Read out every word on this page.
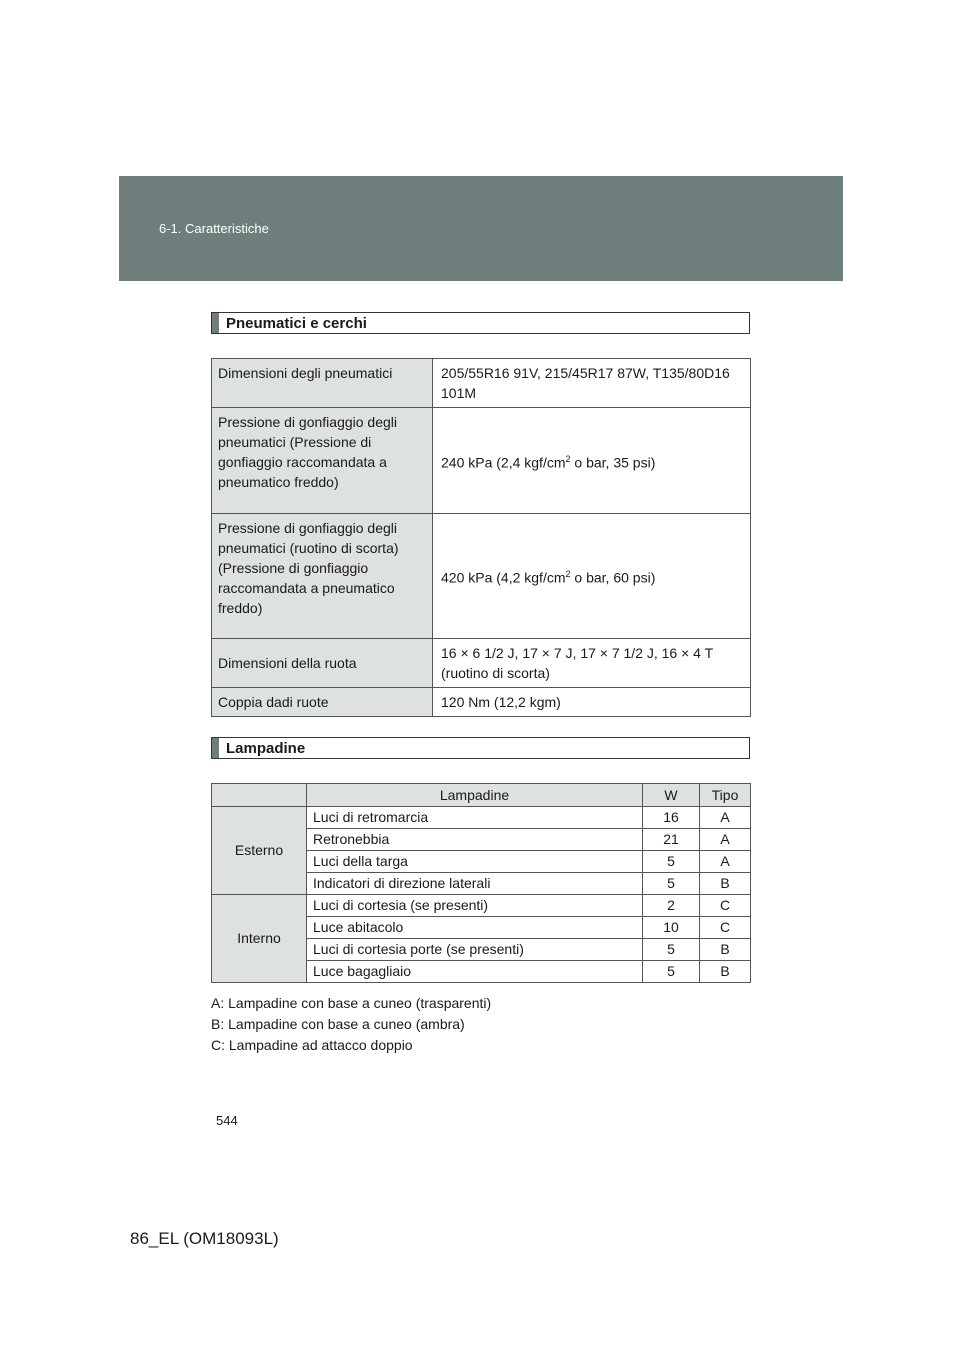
6-1. Caratteristiche
Pneumatici e cerchi
Dimensioni degli pneumatici	205/55R16 91V, 215/45R17 87W, T135/80D16 101M
Pressione di gonfiaggio degli pneumatici (Pressione di gonfiaggio raccomandata a pneumatico freddo)	240 kPa (2,4 kgf/$cm^2$ o bar, 35 psi)
Pressione di gonfiaggio degli pneumatici (ruotino di scorta) (Pressione di gonfiaggio raccomandata a pneumatico freddo)	420 kPa (4,2 kgf/$cm^2$ o bar, 60 psi)
Dimensioni della ruota	16 × 6 1/2 J, 17 × 7 J, 17 × 7 1/2 J, 16 × 4 T (ruotino di scorta)
Coppia dadi ruote	120 Nm (12,2 kgm)
Lampadine
	Lampadine	W	Tipo
Esterno	Luci di retromarcia	16	A
	Retronebbia	21	A
	Luci della targa	5	A
	Indicatori di direzione laterali	5	B
Interno	Luci di cortesia (se presenti)	2	C
	Luce abitacolo	10	C
	Luci di cortesia porte (se presenti)	5	B
	Luce bagagliaio	5	B
A: Lampadine con base a cuneo (trasparenti)
B: Lampadine con base a cuneo (ambra)
C: Lampadine ad attacco doppio
544
86_EL (OM18093L)
